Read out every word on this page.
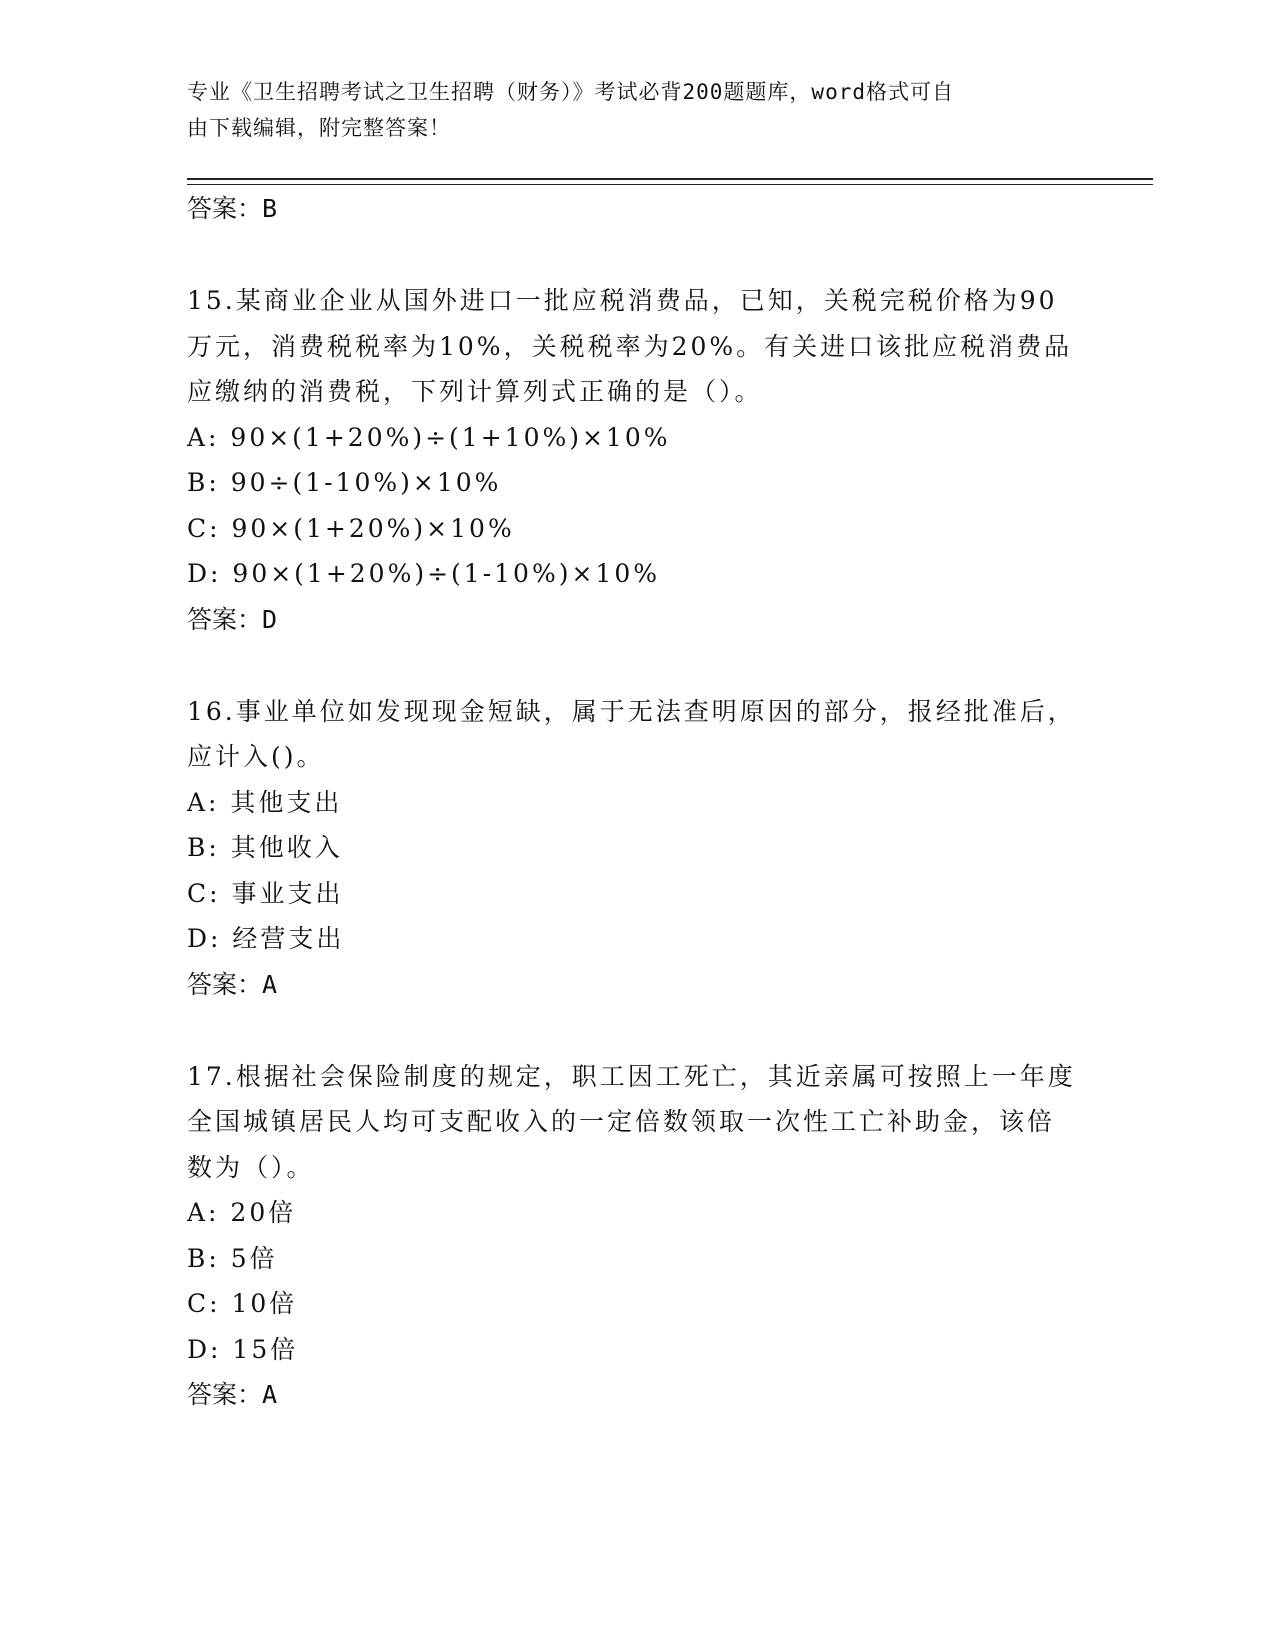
专业《卫生招聘考试之卫生招聘（财务）》考试必背200题题库，word格式可自
由下载编辑，附完整答案！
答案：B
15.某商业企业从国外进口一批应税消费品，已知，关税完税价格为90万元，消费税税率为10%，关税税率为20%。有关进口该批应税消费品应缴纳的消费税，下列计算列式正确的是（）。
A: 90×(1+20%)÷(1+10%)×10%
B: 90÷(1-10%)×10%
C: 90×(1+20%)×10%
D: 90×(1+20%)÷(1-10%)×10%
答案：D
16.事业单位如发现现金短缺，属于无法查明原因的部分，报经批准后，应计入()。
A: 其他支出
B: 其他收入
C: 事业支出
D: 经营支出
答案：A
17.根据社会保险制度的规定，职工因工死亡，其近亲属可按照上一年度全国城镇居民人均可支配收入的一定倍数领取一次性工亡补助金，该倍数为（）。
A: 20倍
B: 5倍
C: 10倍
D: 15倍
答案：A
